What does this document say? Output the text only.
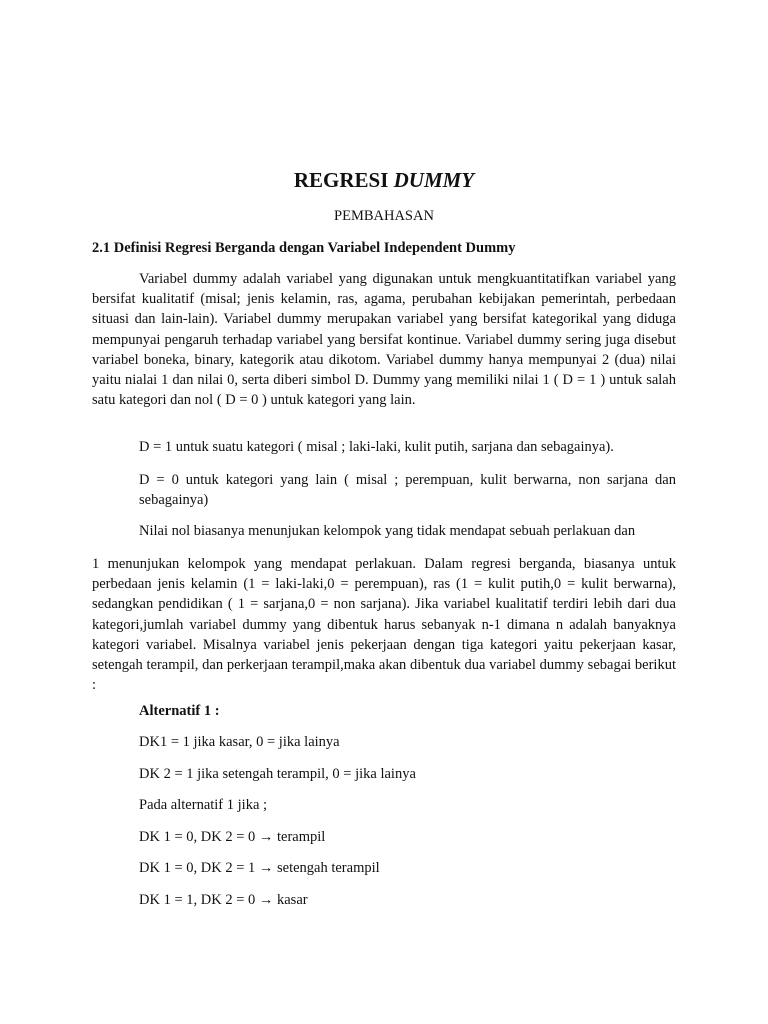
REGRESI DUMMY

PEMBAHASAN

2.1 Definisi Regresi Berganda dengan Variabel Independent Dummy

Variabel dummy adalah variabel yang digunakan untuk mengkuantitatifkan variabel yang bersifat kualitatif (misal; jenis kelamin, ras, agama, perubahan kebijakan pemerintah, perbedaan situasi dan lain-lain). Variabel dummy merupakan variabel yang bersifat kategorikal yang diduga mempunyai pengaruh terhadap variabel yang bersifat kontinue. Variabel dummy sering juga disebut variabel boneka, binary, kategorik atau dikotom. Variabel dummy hanya mempunyai 2 (dua) nilai yaitu nialai 1 dan nilai 0, serta diberi simbol D. Dummy yang memiliki nilai 1 ( D = 1 ) untuk salah satu kategori dan nol ( D = 0 ) untuk kategori yang lain.

D = 1 untuk suatu kategori ( misal ; laki-laki, kulit putih, sarjana dan sebagainya).

D = 0 untuk kategori yang lain ( misal ; perempuan, kulit berwarna, non sarjana dan sebagainya)

Nilai nol biasanya menunjukan kelompok yang tidak mendapat sebuah perlakuan dan

1 menunjukan kelompok yang mendapat perlakuan. Dalam regresi berganda, biasanya untuk perbedaan jenis kelamin (1 = laki-laki,0 = perempuan), ras (1 = kulit putih,0 = kulit berwarna), sedangkan pendidikan ( 1 = sarjana,0 = non sarjana). Jika variabel kualitatif terdiri lebih dari dua kategori,jumlah variabel dummy yang dibentuk harus sebanyak n-1 dimana n adalah banyaknya kategori variabel. Misalnya variabel jenis pekerjaan dengan tiga kategori yaitu pekerjaan kasar, setengah terampil, dan perkerjaan terampil,maka akan dibentuk dua variabel dummy sebagai berikut :

Alternatif 1 :

DK1 = 1 jika kasar, 0 = jika lainya

DK 2 = 1 jika setengah terampil, 0 = jika lainya

Pada alternatif 1 jika ;

DK 1 = 0, DK 2 = 0 → terampil

DK 1 = 0, DK 2 = 1 → setengah terampil

DK 1 = 1, DK 2 = 0 → kasar
